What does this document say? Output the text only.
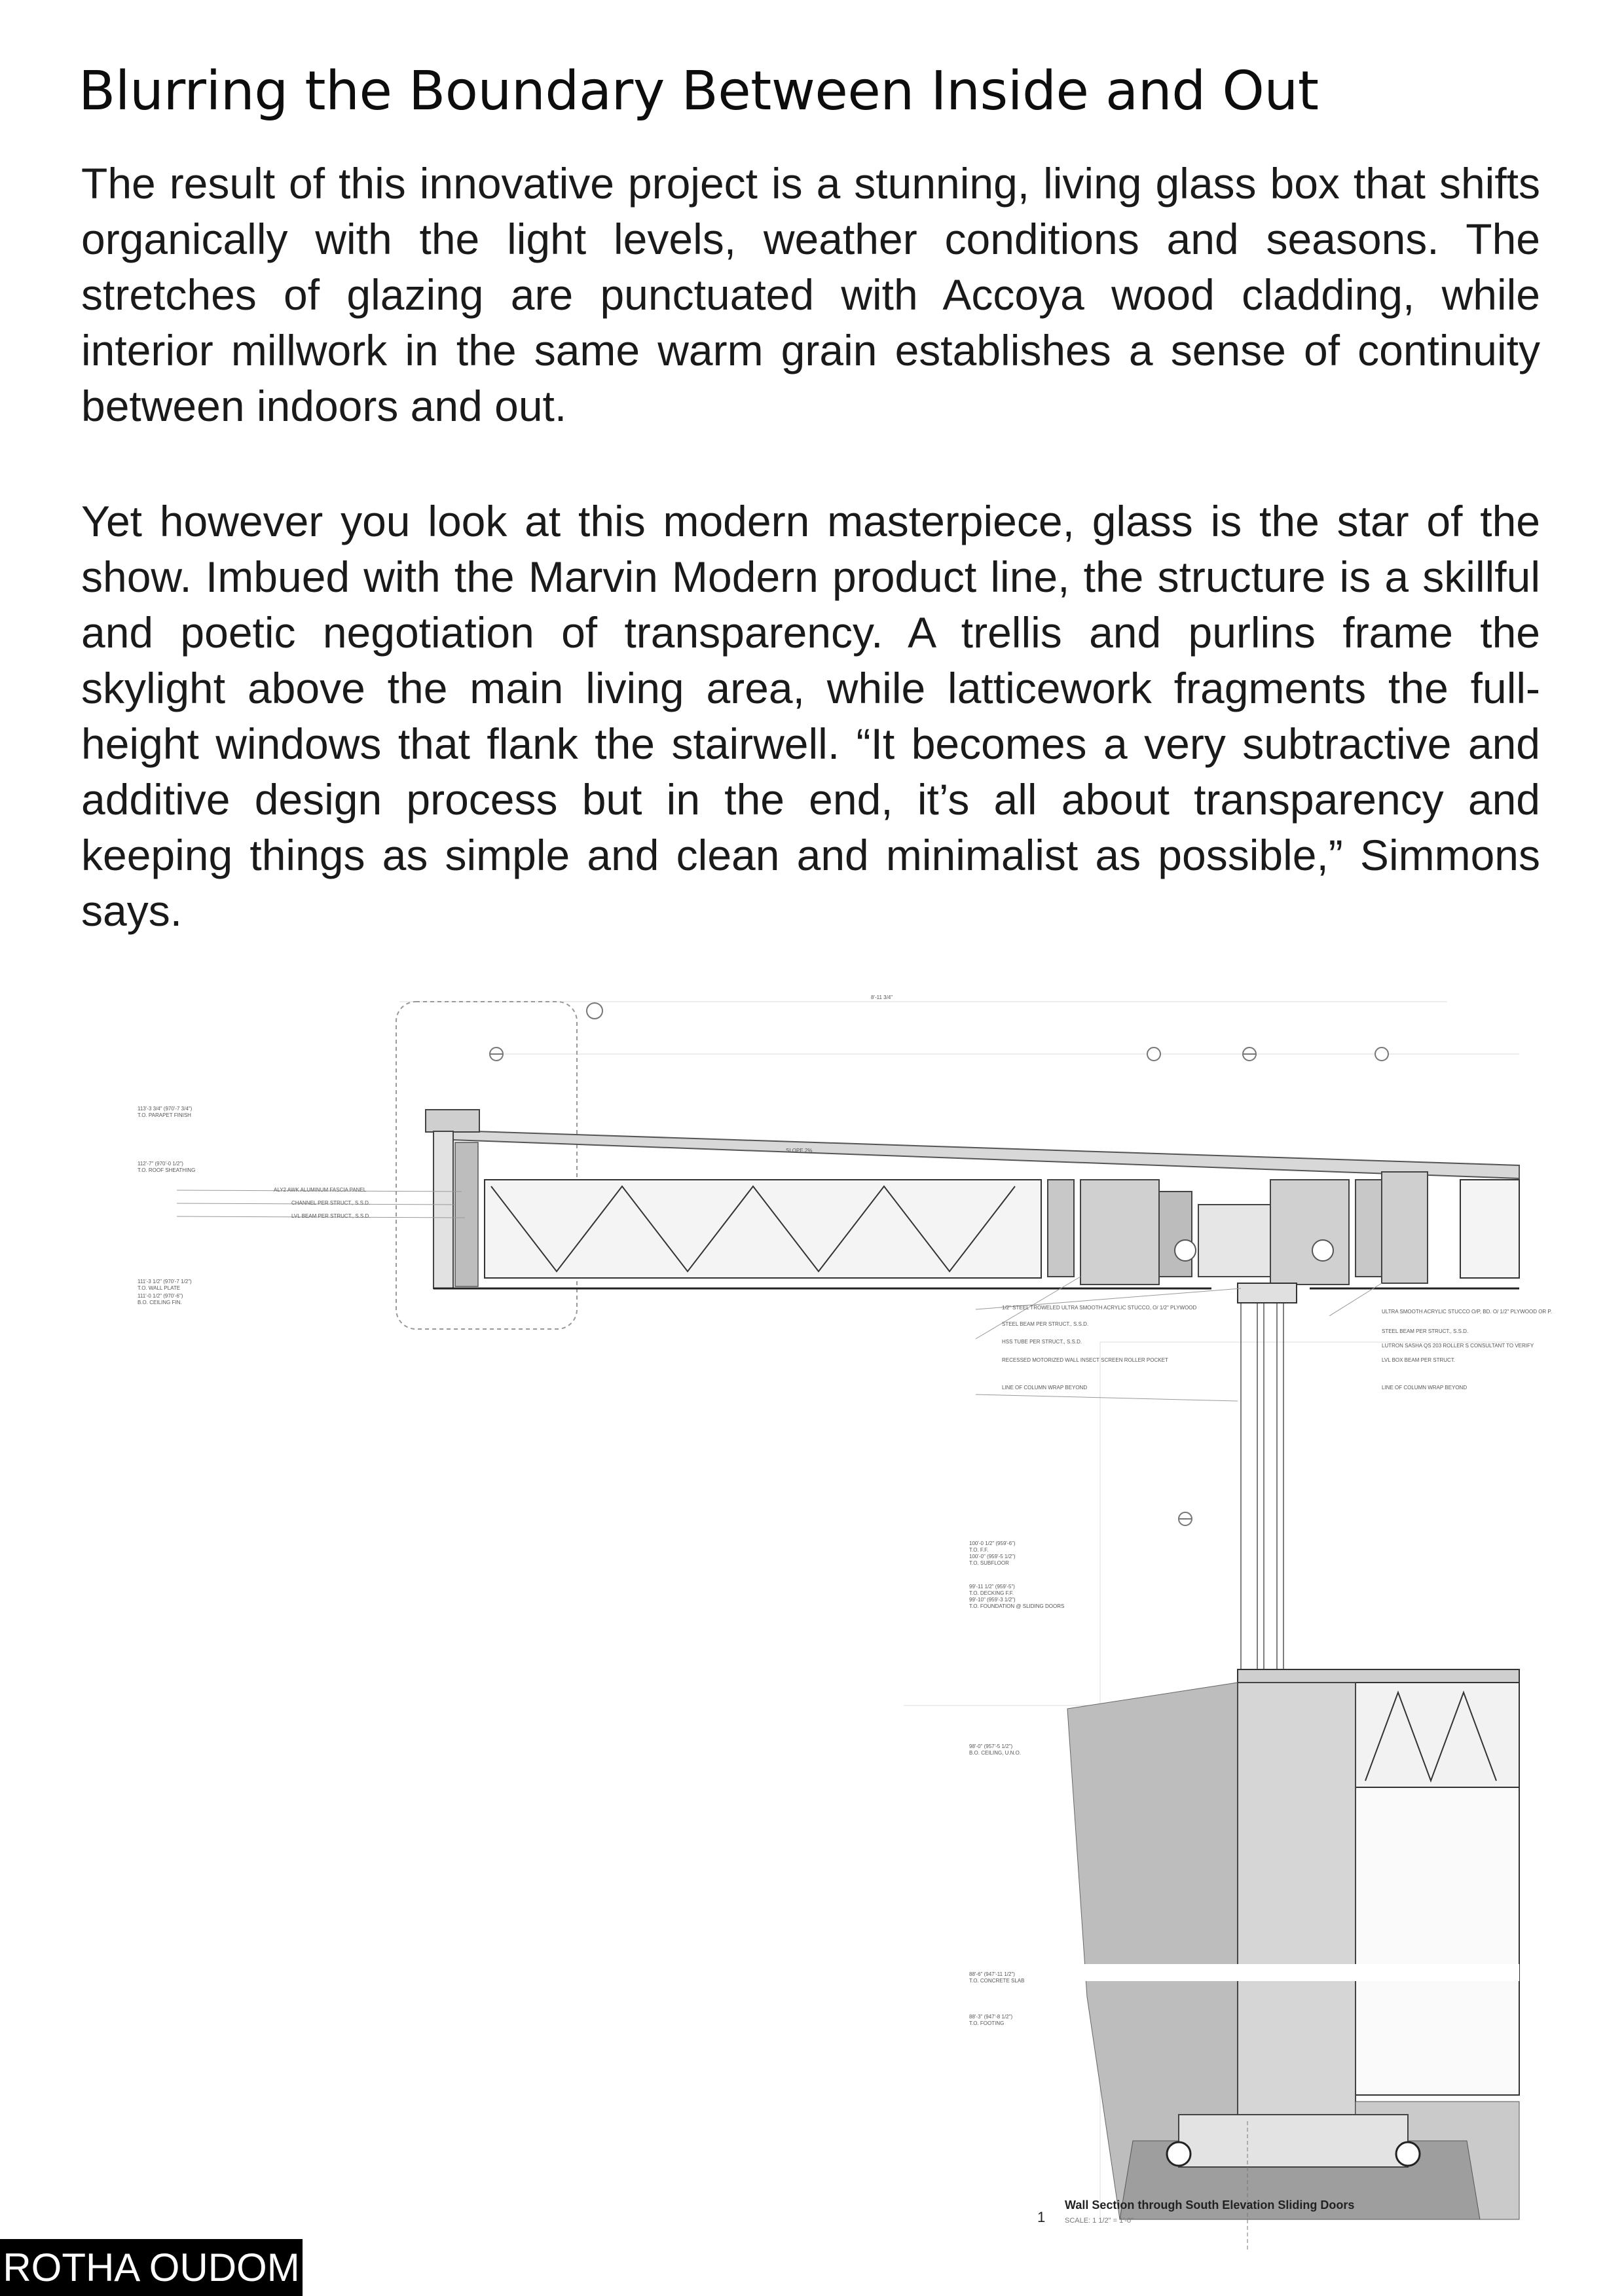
Blurring the Boundary Between Inside and Out

The result of this innovative project is a stunning, living glass box that shifts organically with the light levels, weather conditions and seasons. The stretches of glazing are punctuated with Accoya wood cladding, while interior millwork in the same warm grain establishes a sense of continuity between indoors and out.

Yet however you look at this modern masterpiece, glass is the star of the show. Imbued with the Marvin Modern product line, the structure is a skillful and poetic negotiation of transparency. A trellis and purlins frame the skylight above the main living area, while latticework fragments the full-height windows that flank the stairwell. “It becomes a very subtractive and additive design process but in the end, it’s all about transparency and keeping things as simple and clean and minimalist as possible,” Simmons says.

8'-11 3/4"
SLOPE 2%
113'-3 3/4" (970'-7 3/4")
T.O. PARAPET FINISH
112'-7" (970'-0 1/2")
T.O. ROOF SHEATHING
ALY2 AWK ALUMINUM FASCIA PANEL
CHANNEL PER STRUCT., S.S.D.
LVL BEAM PER STRUCT., S.S.D.
111'-3 1/2" (970'-7 1/2")
T.O. WALL PLATE
111'-0 1/2" (970'-6")
B.O. CEILING FIN.
1/2" STEEL TROWELED ULTRA SMOOTH ACRYLIC STUCCO, O/ 1/2" PLYWOOD
STEEL BEAM PER STRUCT., S.S.D.
HSS TUBE PER STRUCT., S.S.D.
RECESSED MOTORIZED WALL INSECT SCREEN ROLLER POCKET
LINE OF COLUMN WRAP BEYOND
ULTRA SMOOTH ACRYLIC STUCCO O/P, BD. O/ 1/2" PLYWOOD OR P.
STEEL BEAM PER STRUCT., S.S.D.
LUTRON SASHA QS 203 ROLLER S CONSULTANT TO VERIFY
LVL BOX BEAM PER STRUCT.
LINE OF COLUMN WRAP BEYOND
100'-0 1/2" (959'-6")
T.O. F.F.
100'-0" (959'-5 1/2")
T.O. SUBFLOOR
99'-11 1/2" (959'-5")
T.O. DECKING F.F.
99'-10" (959'-3 1/2")
T.O. FOUNDATION @ SLIDING DOORS
98'-0" (957'-5 1/2")
B.O. CEILING, U.N.O.
88'-6" (947'-11 1/2")
T.O. CONCRETE SLAB
88'-3" (947'-8 1/2")
T.O. FOOTING
1
Wall Section through South Elevation Sliding Doors
SCALE: 1 1/2" = 1'-0"
ROTHA OUDOM
